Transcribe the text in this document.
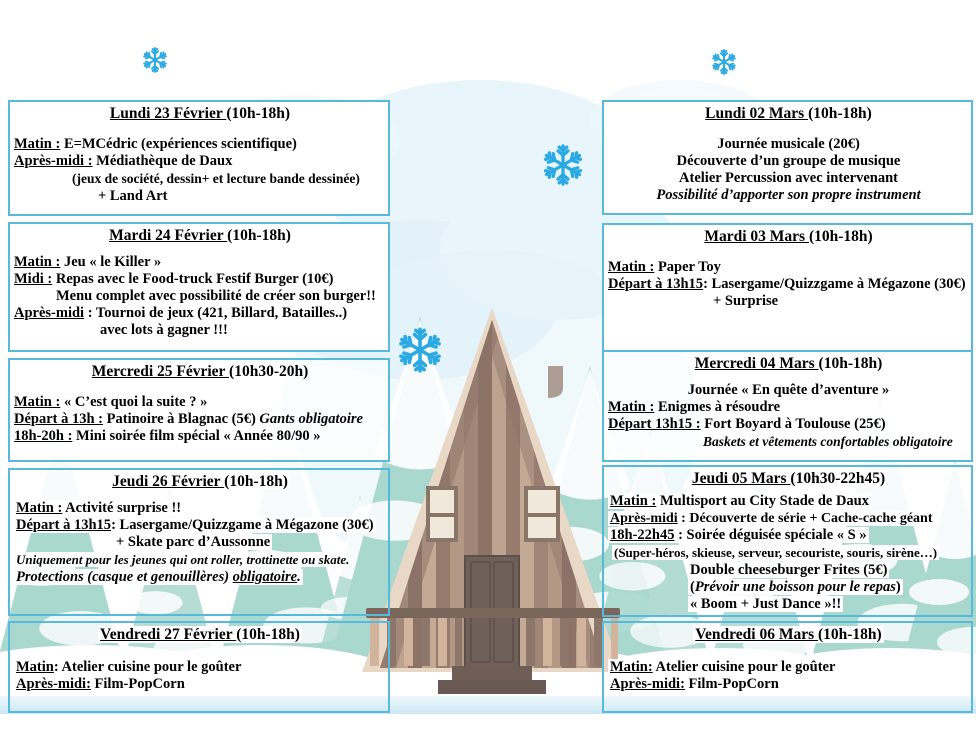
Lundi 23 Février (10h-18h)
Matin : E=MCédric (expériences scientifique)
Après-midi : Médiathèque de Daux
(jeux de société, dessin+ et lecture bande dessinée)
+ Land Art
Mardi 24 Février (10h-18h)
Matin : Jeu « le Killer »
Midi : Repas avec le Food-truck Festif Burger (10€)
Menu complet avec possibilité de créer son burger!!
Après-midi : Tournoi de jeux (421, Billard, Batailles..)
avec lots à gagner !!!
Mercredi 25 Février (10h30-20h)
Matin : « C’est quoi la suite ? »
Départ à 13h : Patinoire à Blagnac (5€) Gants obligatoire
18h-20h : Mini soirée film spécial « Année 80/90 »
Jeudi 26 Février (10h-18h)
Matin : Activité surprise !!
Départ à 13h15: Lasergame/Quizzgame à Mégazone (30€)
+ Skate parc d’Aussonne
Uniquement pour les jeunes qui ont roller, trottinette ou skate.
Protections (casque et genouillères) obligatoire.
Vendredi 27 Février (10h-18h)
Matin: Atelier cuisine pour le goûter
Après-midi: Film-PopCorn
Lundi 02 Mars (10h-18h)
Journée musicale (20€)
Découverte d’un groupe de musique
Atelier Percussion avec intervenant
Possibilité d’apporter son propre instrument
Mardi 03 Mars (10h-18h)
Matin : Paper Toy
Départ à 13h15: Lasergame/Quizzgame à Mégazone (30€)
+ Surprise
Mercredi 04 Mars (10h-18h)
Journée « En quête d’aventure »
Matin : Enigmes à résoudre
Départ 13h15 : Fort Boyard à Toulouse (25€)
Baskets et vêtements confortables obligatoire
Jeudi 05 Mars (10h30-22h45)
Matin : Multisport au City Stade de Daux
Après-midi : Découverte de série + Cache-cache géant
18h-22h45 : Soirée déguisée spéciale « S »
(Super-héros, skieuse, serveur, secouriste, souris, sirène…)
Double cheeseburger Frites (5€)
(Prévoir une boisson pour le repas)
« Boom + Just Dance »!!
Vendredi 06 Mars (10h-18h)
Matin: Atelier cuisine pour le goûter
Après-midi: Film-PopCorn
